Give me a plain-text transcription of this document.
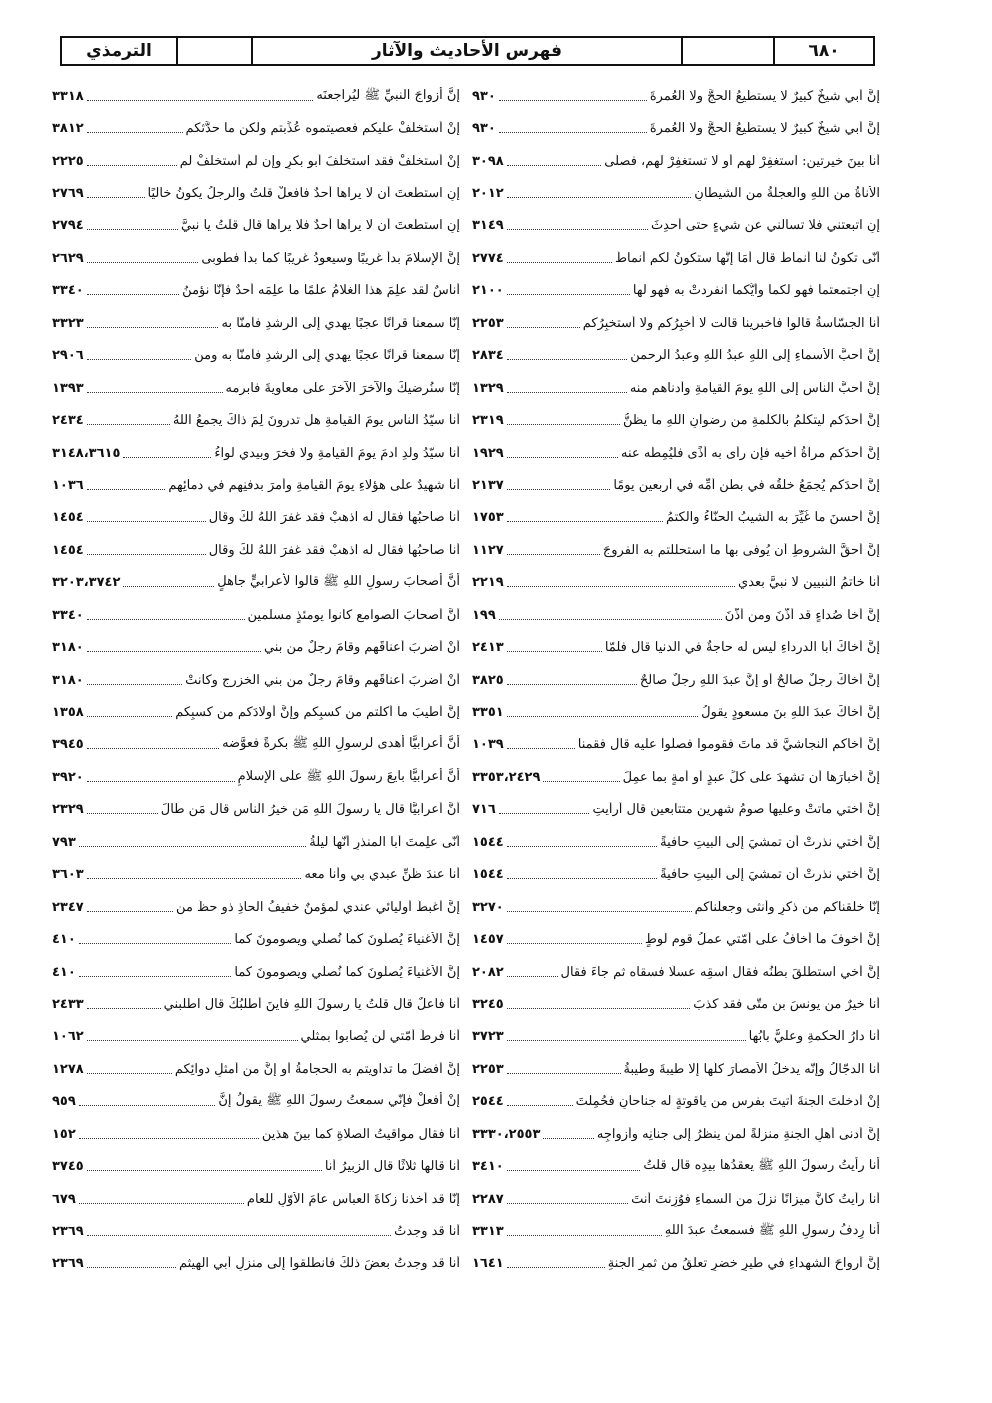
٦٨٠
فهرس الأحاديث والآثار
الترمذي
إنَّ أبي شيخٌ كبيرٌ لا يستطيعُ الحجَّ ولا العُمرةَ
٩٣٠
إنَّ أبي شيخٌ كبيرٌ لا يستطيعُ الحجَّ ولا العُمرةَ
٩٣٠
أنا بينَ خيرتين: استغفِرْ لهم أو لا تستغفِرْ لهم، فصلّى
٣٠٩٨
الأناةُ من اللهِ والعجلةُ من الشيطانِ
٢٠١٢
إنِ اتبعتني فلا تسألني عن شيءٍ حتى أُحدِثَ
٣١٤٩
أنّى تكونُ لنا أنماطٌ قال أمَا إنَّها ستكونُ لكم أنماطٌ
٢٧٧٤
إنِ اجتمعتما فهو لكما وأيُّكما انفردتْ به فهو لها
٢١٠٠
أنا الجسّاسةُ قالوا فأخبرينا قالت لا أُخبِرُكم ولا أستخبِرُكم
٢٢٥٣
إنَّ أحبَّ الأسماءِ إلى اللهِ عبدُ اللهِ وعبدُ الرحمنِ
٢٨٣٤
إنَّ أحبَّ الناسِ إلى اللهِ يومَ القيامةِ وأدناهم منه
١٣٢٩
إنَّ أحدَكم ليتكلَّمُ بالكلمةِ من رضوانِ اللهِ ما يظنُّ
٢٣١٩
إنَّ أحدَكم مرآةُ أخيه فإن رأى به أذًى فليُمِطْه عنه
١٩٢٩
إنَّ أحدَكم يُجمَعُ خلقُه في بطنِ أُمِّه في أربعين يومًا
٢١٣٧
إنَّ أحسنَ ما غُيِّرَ به الشيبُ الحنّاءُ والكتمُ
١٧٥٣
إنَّ أحقَّ الشروطِ أن يُوفى بها ما استحللتم به الفروجَ
١١٢٧
أنا خاتمُ النبيين لا نبيَّ بعدي
٢٢١٩
إنَّ أخا صُداءٍ قد أذَّنَ ومن أذَّنَ
١٩٩
إنَّ أخاكَ أبا الدرداءِ ليس له حاجةٌ في الدنيا قال فلمّا
٢٤١٣
إنَّ أخاكَ رجلٌ صالحٌ أو إنَّ عبدَ اللهِ رجلٌ صالحٌ
٣٨٢٥
إنَّ أخاكَ عبدَ اللهِ بنَ مسعودٍ يقولُ
٣٣٥١
إنَّ أخاكم النجاشيَّ قد ماتَ فقوموا فصلُّوا عليه قال فقمنا
١٠٣٩
إنَّ أخبارَها أن تشهدَ على كلِّ عبدٍ أو أمةٍ بما عمِلَ
٣٣٥٣،٢٤٢٩
إنَّ أختي ماتتْ وعليها صومُ شهرين متتابعين قال أرأيتِ
٧١٦
إنَّ أختي نذرتْ أن تمشيَ إلى البيتِ حافيةً
١٥٤٤
إنَّ أختي نذرتْ أن تمشيَ إلى البيتِ حافيةً
١٥٤٤
إنّا خلقناكم من ذكرٍ وأنثى وجعلناكم
٣٢٧٠
إنَّ أخوفَ ما أخافُ على أُمّتي عملُ قومِ لوطٍ
١٤٥٧
إنَّ أخي استطلقَ بطنُه فقال اسقِه عسلًا فسقاه ثم جاءَ فقال
٢٠٨٢
أنا خيرٌ من يونسَ بنِ متّى فقد كذبَ
٣٢٤٥
أنا دارُ الحكمةِ وعليٌّ بابُها
٣٧٢٣
أنا الدجّالُ وإنّه يدخلُ الأمصارَ كلَّها إلا طيبةَ وطيبةُ
٢٢٥٣
إنْ أُدخلتَ الجنةَ أُتيتَ بفرسٍ من ياقوتةٍ له جناحانِ فحُمِلتَ
٢٥٤٤
إنَّ أدنى أهلِ الجنةِ منزلةً لمن ينظرُ إلى جنانِه وأزواجِه
٣٣٣٠،٢٥٥٣
أنا رأيتُ رسولَ اللهِ ﷺ يعقدُها بيدِه قال قلتُ
٣٤١٠
أنا رأيتُ كأنَّ ميزانًا نزلَ من السماءِ فوُزِنتَ أنتَ
٢٢٨٧
أنا رِدفُ رسولِ اللهِ ﷺ فسمعتُ عبدَ اللهِ
٣٣١٣
إنَّ أرواحَ الشهداءِ في طيرٍ خضرٍ تعلقُ من ثمرِ الجنةِ
١٦٤١
إنَّ أزواجَ النبيِّ ﷺ ليُراجعنَه
٣٣١٨
إنْ أستخلفْ عليكم فعصيتموه عُذِّبتم ولكن ما حدَّثكم
٣٨١٢
إنْ أستخلفْ فقد استخلفَ أبو بكرٍ وإن لم أستخلفْ لم
٢٢٢٥
إنِ استطعتَ أن لا يراها أحدٌ فافعلْ قلتُ والرجلُ يكونُ خاليًا
٢٧٦٩
إنِ استطعتَ أن لا يراها أحدٌ فلا يراها قال قلتُ يا نبيَّ
٢٧٩٤
إنَّ الإسلامَ بدأَ غريبًا وسيعودُ غريبًا كما بدأَ فطوبى
٢٦٢٩
أناسٌ لقد علِمَ هذا الغلامُ علمًا ما علِمَه أحدٌ فإنّا نؤمنُ
٣٣٤٠
إنّا سمعنا قرآنًا عجبًا يهدي إلى الرشدِ فآمنّا به
٣٣٢٣
إنّا سمعنا قرآنًا عجبًا يهدي إلى الرشدِ فآمنّا به ومن
٢٩٠٦
إنّا سنُرضيكَ والآخرَ الآخرَ على معاويةَ فأبرمه
١٣٩٣
أنا سيّدُ الناسِ يومَ القيامةِ هل تدرونَ لِمَ ذاكَ يجمعُ اللهُ
٢٤٣٤
أنا سيّدُ ولدِ آدمَ يومَ القيامةِ ولا فخرَ وبيدي لواءُ
٣١٤٨،٣٦١٥
أنا شهيدٌ على هؤلاءِ يومَ القيامةِ وأمرَ بدفنِهم في دمائِهم
١٠٣٦
أنا صاحبُها فقال له اذهبْ فقد غفرَ اللهُ لكَ وقال
١٤٥٤
أنا صاحبُها فقال له اذهبْ فقد غفرَ اللهُ لكَ وقال
١٤٥٤
أنَّ أصحابَ رسولِ اللهِ ﷺ قالوا لأعرابيٍّ جاهلٍ
٣٢٠٣،٣٧٤٢
أنَّ أصحابَ الصوامعِ كانوا يومئذٍ مسلمين
٣٣٤٠
أنْ أضربَ أعناقَهم وقامَ رجلٌ من بني
٣١٨٠
أنْ أضربَ أعناقَهم وقامَ رجلٌ من بني الخزرجِ وكانتْ
٣١٨٠
إنَّ أطيبَ ما أكلتم من كسبِكم وإنَّ أولادَكم من كسبِكم
١٣٥٨
أنَّ أعرابيًّا أهدى لرسولِ اللهِ ﷺ بكرةً فعوَّضه
٣٩٤٥
أنَّ أعرابيًّا بايعَ رسولَ اللهِ ﷺ على الإسلامِ
٣٩٢٠
أنَّ أعرابيًّا قال يا رسولَ اللهِ مَن خيرُ الناسِ قال مَن طالَ
٢٣٢٩
أنّى علِمتَ أبا المنذرِ أنّها ليلةُ
٧٩٣
أنا عندَ ظنِّ عبدي بي وأنا معه
٣٦٠٣
إنَّ أغبطَ أوليائي عندي لمؤمنٌ خفيفُ الحاذِ ذو حظٍّ من
٢٣٤٧
إنَّ الأغنياءَ يُصلّونَ كما نُصلّي ويصومونَ كما
٤١٠
إنَّ الأغنياءَ يُصلّونَ كما نُصلّي ويصومونَ كما
٤١٠
أنا فاعلٌ قال قلتُ يا رسولَ اللهِ فأينَ أطلبُكَ قال اطلبني
٢٤٣٣
أنا فرطُ أُمّتي لن يُصابوا بمثلي
١٠٦٢
إنَّ أفضلَ ما تداويتم به الحجامةُ أو إنَّ من أمثلِ دوائِكم
١٢٧٨
إنْ أفعلْ فإنّي سمعتُ رسولَ اللهِ ﷺ يقولُ إنَّ
٩٥٩
أنا فقال مواقيتُ الصلاةِ كما بينَ هذين
١٥٢
أنا قالها ثلاثًا قال الزبيرُ أنا
٣٧٤٥
إنّا قد أخذنا زكاةَ العباسِ عامَ الأوّلِ للعامِ
٦٧٩
أنا قد وجدتُ
٢٣٦٩
أنا قد وجدتُ بعضَ ذلكَ فانطلقوا إلى منزلِ أبي الهيثمِ
٢٣٦٩
